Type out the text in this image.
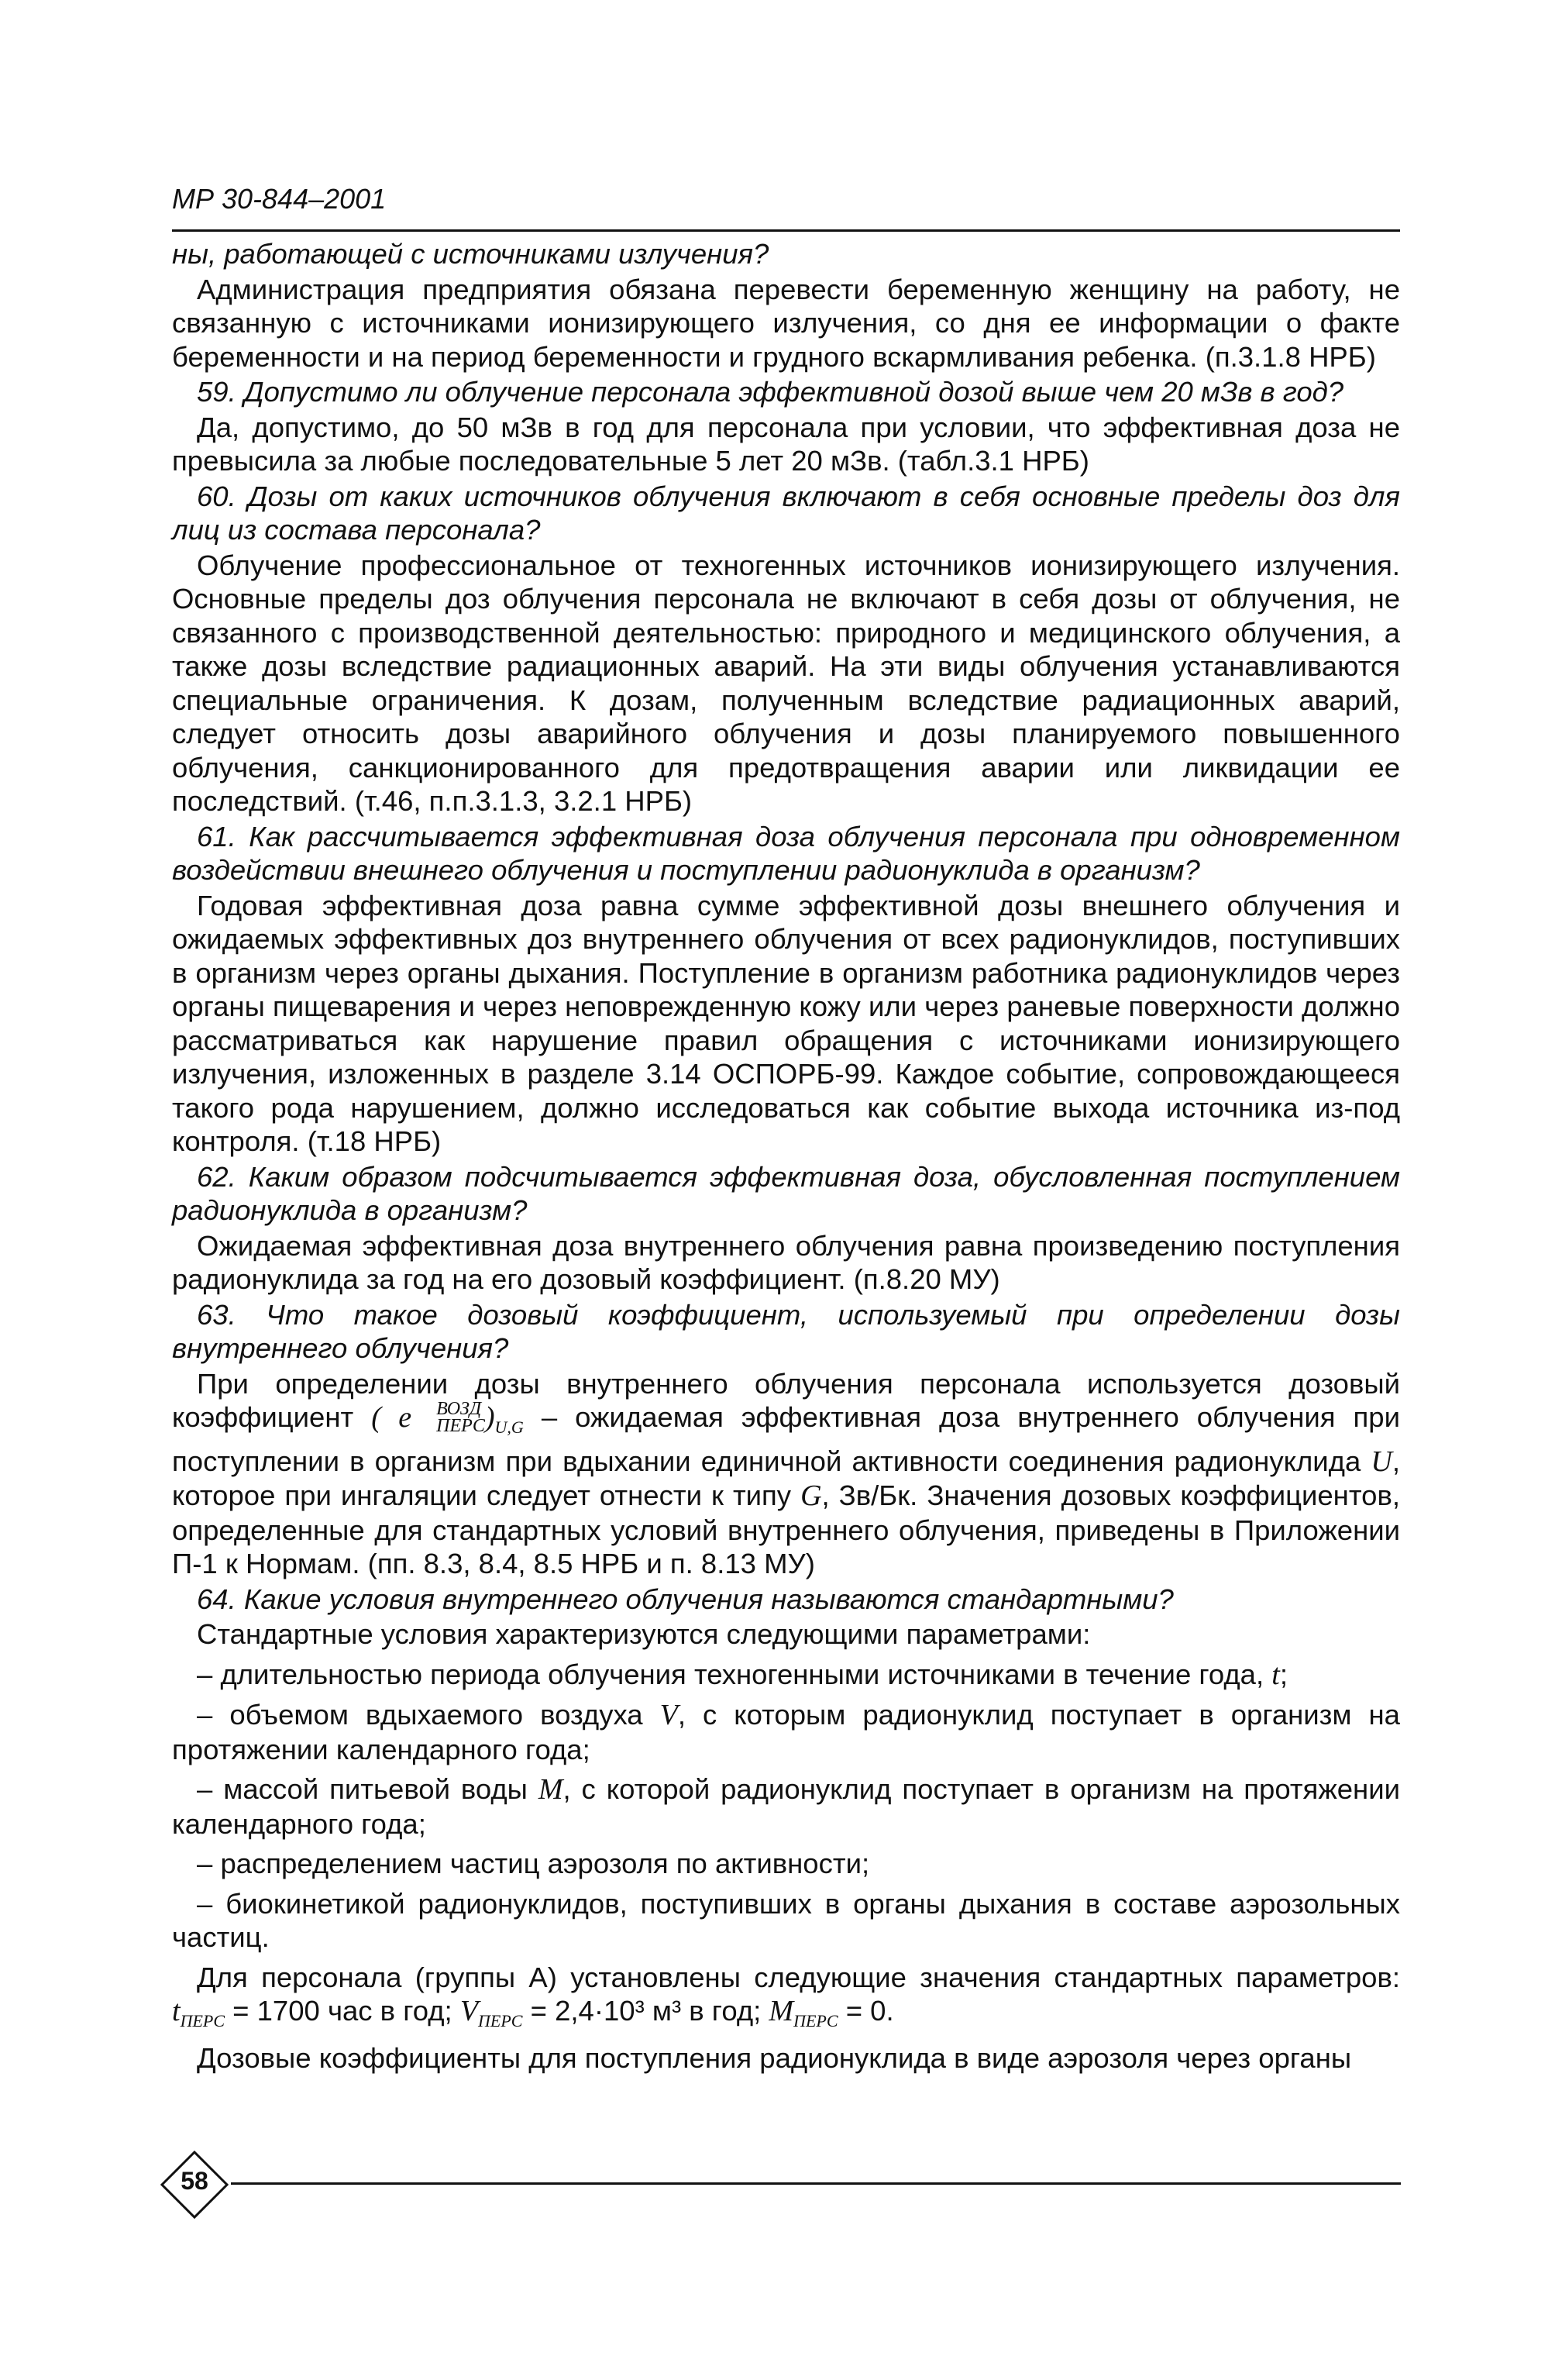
МР 30-844–2001

ны, работающей с источниками излучения?

Администрация предприятия обязана перевести беременную женщину на работу, не связанную с источниками ионизирующего излучения, со дня ее информации о факте беременности и на период беременности и грудного вскармливания ребенка. (п.3.1.8 НРБ)

59. Допустимо ли облучение персонала эффективной дозой выше чем 20 мЗв в год?

Да, допустимо, до 50 мЗв в год для персонала при условии, что эффективная доза не превысила за любые последовательные 5 лет 20 мЗв. (табл.3.1 НРБ)

60. Дозы от каких источников облучения включают в себя основные пределы доз для лиц из состава персонала?

Облучение профессиональное от техногенных источников ионизирующего излучения. Основные пределы доз облучения персонала не включают в себя дозы от облучения, не связанного с производственной деятельностью: природного и медицинского облучения, а также дозы вследствие радиационных аварий. На эти виды облучения устанавливаются специальные ограничения. К дозам, полученным вследствие радиационных аварий, следует относить дозы аварийного облучения и дозы планируемого повышенного облучения, санкционированного для предотвращения аварии или ликвидации ее последствий. (т.46, п.п.3.1.3, 3.2.1 НРБ)

61. Как рассчитывается эффективная доза облучения персонала при одновременном воздействии внешнего облучения и поступлении радионуклида в организм?

Годовая эффективная доза равна сумме эффективной дозы внешнего облучения и ожидаемых эффективных доз внутреннего облучения от всех радионуклидов, поступивших в организм через органы дыхания. Поступление в организм работника радионуклидов через органы пищеварения и через неповрежденную кожу или через раневые поверхности должно рассматриваться как нарушение правил обращения с источниками ионизирующего излучения, изложенных в разделе 3.14 ОСПОРБ-99. Каждое событие, сопровождающееся такого рода нарушением, должно исследоваться как событие выхода источника из-под контроля. (т.18 НРБ)

62. Каким образом подсчитывается эффективная доза, обусловленная поступлением радионуклида в организм?

Ожидаемая эффективная доза внутреннего облучения равна произведению поступления радионуклида за год на его дозовый коэффициент. (п.8.20 МУ)

63. Что такое дозовый коэффициент, используемый при определении дозы внутреннего облучения?

При определении дозы внутреннего облучения персонала используется дозовый коэффициент ( e	ВОЗД
ПЕРС )$_{U,G}$ – ожидаемая эффективная доза внутреннего облучения при поступлении в организм при вдыхании единичной активности соединения радионуклида U, которое при ингаляции следует отнести к типу G, Зв/Бк. Значения дозовых коэффициентов, определенные для стандартных условий внутреннего облучения, приведены в Приложении П-1 к Нормам. (пп. 8.3, 8.4, 8.5 НРБ и п. 8.13 МУ)

64. Какие условия внутреннего облучения называются стандартными?

Стандартные условия характеризуются следующими параметрами:

– длительностью периода облучения техногенными источниками в течение года, t;

– объемом вдыхаемого воздуха V, с которым радионуклид поступает в организм на протяжении календарного года;

– массой питьевой воды M, с которой радионуклид поступает в организм на протяжении календарного года;

– распределением частиц аэрозоля по активности;

– биокинетикой радионуклидов, поступивших в органы дыхания в составе аэрозольных частиц.

Для персонала (группы А) установлены следующие значения стандартных параметров: $t_{ПЕРС} = 1700$ час в год; $V_{ПЕРС} = 2,4\cdot 10^3$ м³ в год; $M_{ПЕРС} = 0$.

Дозовые коэффициенты для поступления радионуклида в виде аэрозоля через органы

58
